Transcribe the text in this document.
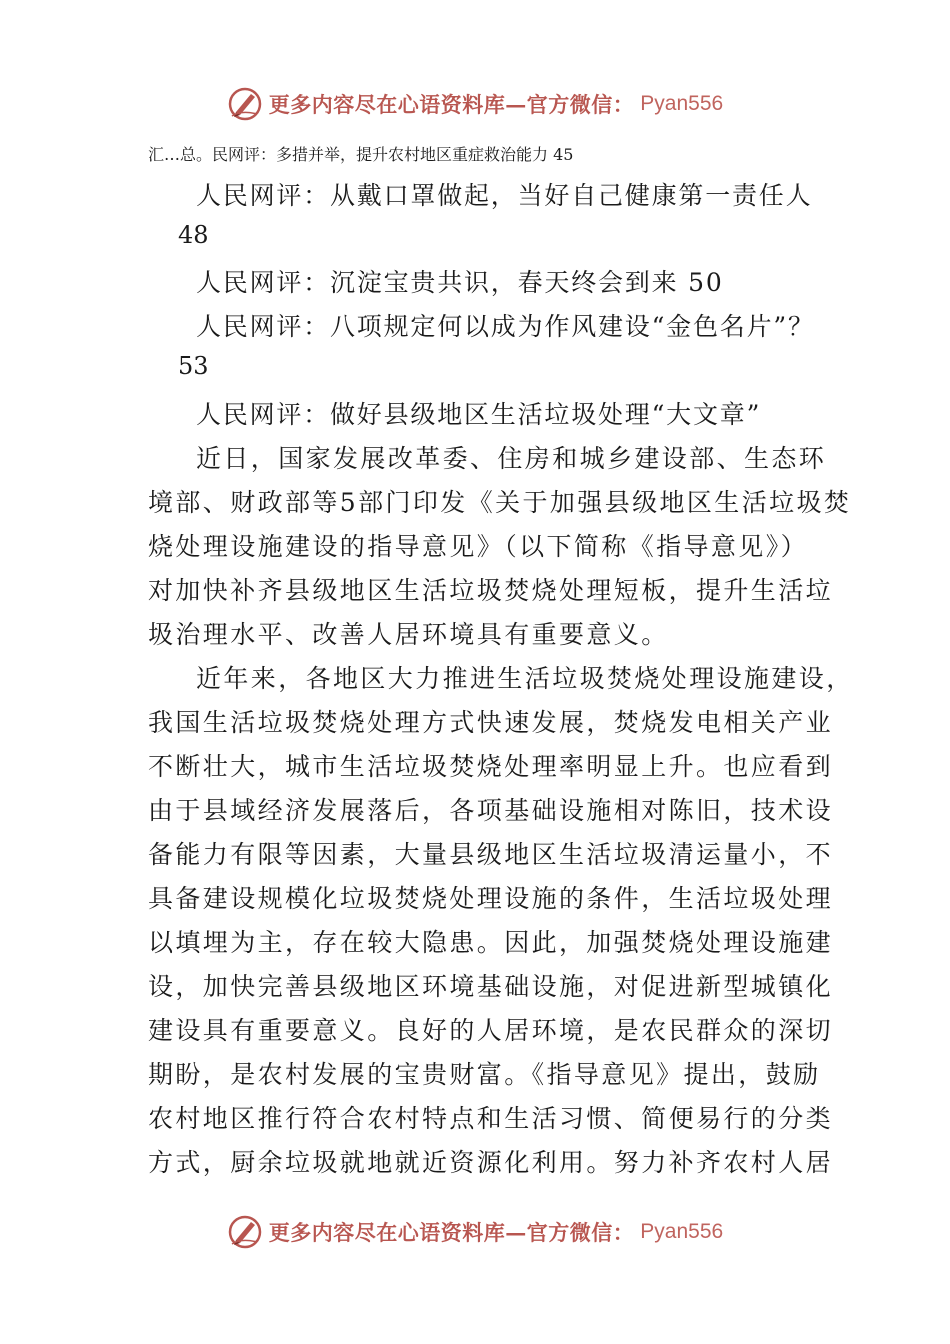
更多内容尽在心语资料库—官方微信： Pyan556
汇…总。民网评：多措并举，提升农村地区重症救治能力 45
人民网评：从戴口罩做起，当好自己健康第一责任人
48
人民网评：沉淀宝贵共识，春天终会到来 50
人民网评：八项规定何以成为作风建设“金色名片”？
53
人民网评：做好县级地区生活垃圾处理“大文章”
近日，国家发展改革委、住房和城乡建设部、生态环
境部、财政部等5部门印发《关于加强县级地区生活垃圾焚
烧处理设施建设的指导意见》（以下简称《指导意见》）
对加快补齐县级地区生活垃圾焚烧处理短板，提升生活垃
圾治理水平、改善人居环境具有重要意义。
近年来，各地区大力推进生活垃圾焚烧处理设施建设，
我国生活垃圾焚烧处理方式快速发展，焚烧发电相关产业
不断壮大，城市生活垃圾焚烧处理率明显上升。也应看到
由于县域经济发展落后，各项基础设施相对陈旧，技术设
备能力有限等因素，大量县级地区生活垃圾清运量小，不
具备建设规模化垃圾焚烧处理设施的条件，生活垃圾处理
以填埋为主，存在较大隐患。因此，加强焚烧处理设施建
设，加快完善县级地区环境基础设施，对促进新型城镇化
建设具有重要意义。良好的人居环境，是农民群众的深切
期盼，是农村发展的宝贵财富。《指导意见》提出，鼓励
农村地区推行符合农村特点和生活习惯、简便易行的分类
方式，厨余垃圾就地就近资源化利用。努力补齐农村人居
更多内容尽在心语资料库—官方微信： Pyan556
